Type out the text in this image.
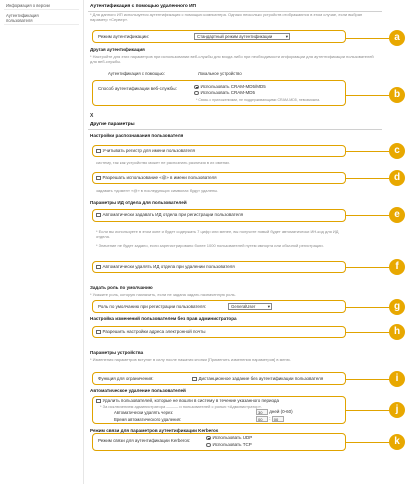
Информация о версии
Аутентификация
пользователя
Аутентификация с помощью удаленного ИП
* Для данного ИП используется аутентификация с помощью компьютера. Однако несколько устройств отображаются в этом случае, если выбран параметр «Сервер».
Режим аутентификации:	Стандартный режим аутентификации ▾
Другая аутентификация
* Настройте для этих параметров при использовании веб-службы для входа либо при необходимости информации для аутентификации пользователей для веб-службы.
Аутентификация с помощью:	Локальное устройство
Способ аутентификации веб-службы:	Использовать CRAM-MD5/MD5
Использовать CRAM-MD5
* Связь с приложениями, не поддерживающими CRAM-MD5, невозможна.
X
Другие параметры
Настройки распознавания пользователя
Учитывать регистр для имени пользователя
систему, так как устройство может не распознать различия в их именах.
Разрешать использование «@» в имени пользователя
задавать «домен» «@» в последующих символах будут удалены.
Параметры ИД отдела для пользователей
Автоматически задавать ИД отдела при регистрации пользователя
* Если вы используете в этом окне и будет содержать 7 цифр или менее, вы получите новый будет автоматически ИН-код для ИД отдела.
* Значение не будет задано, если зарегистрировано более 1000 пользователей путем импорта или обычной регистрации.
Автоматически удалять ИД отдела при удалении пользователя
Задать роль по умолчанию
* Укажите роль, которую назначить, если не задана задать назначенную роль.
Роль по умолчанию при регистрации пользователя:	GeneralUser ▾
Настройка изменений пользователем без прав администратора
Разрешить настройки адреса электронной почты
Параметры устройства
* Изменения параметров вступят в силу после нажатия кнопки [Применить изменения параметров] в меню.
Функция для ограничения:	Дистанционное задание без аутентификации пользователя
Автоматическое удаление пользователей
Удалить пользователей, которые не вошли в систему в течение указанного периода
* За исключением администратора ——— и пользователей с ролью «Администратор».
Автоматически удалять через:	30 дней (0-60)
Время автоматического удаления:	00 : 00
Режим связи для параметров аутентификации Kerberos
Режим связи для аутентификации Kerberos:
Использовать UDP
Использовать TCP
a
b
c
d
e
f
g
h
i
j
k
